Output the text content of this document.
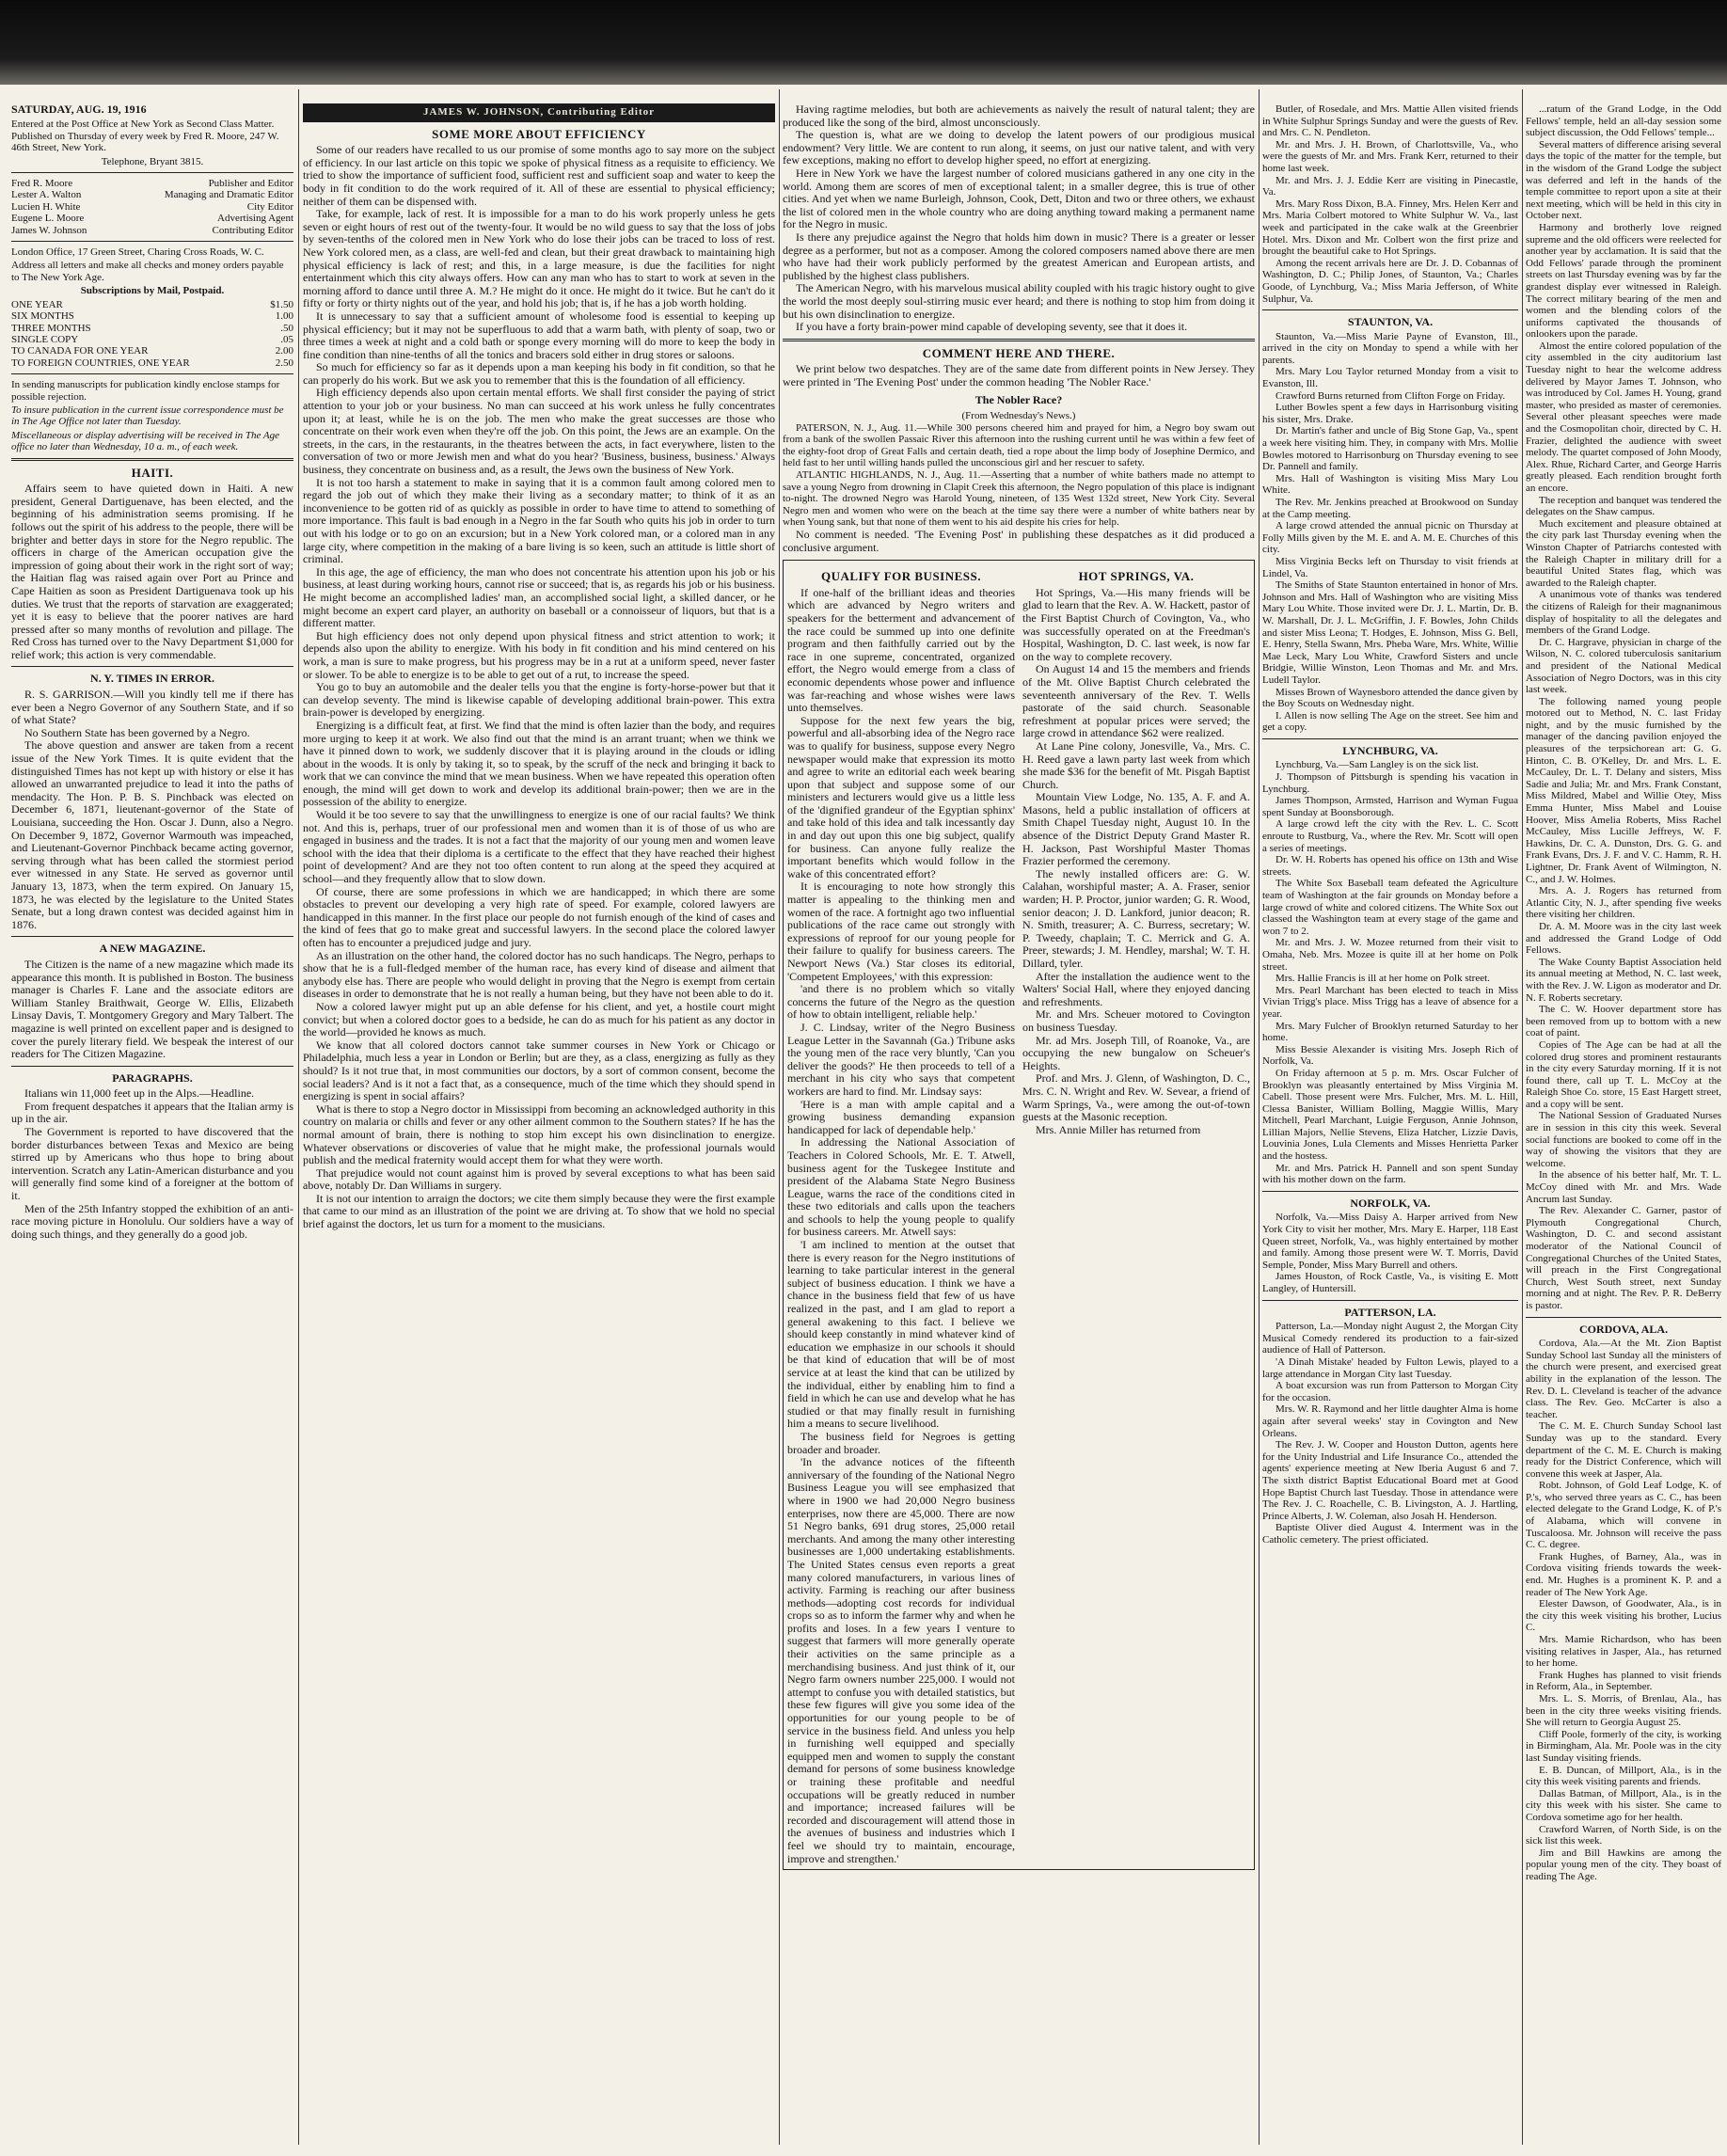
SATURDAY, AUG. 19, 1916

Entered at the Post Office at New York as Second Class Matter. Published on Thursday of every week by Fred R. Moore, 247 W. 46th Street, New York.

Telephone, Bryant 3815.

Fred R. Moore	Publisher and Editor
Lester A. Walton	Managing and Dramatic Editor
Lucien H. White	City Editor
Eugene L. Moore	Advertising Agent
James W. Johnson	Contributing Editor

London Office, 17 Green Street, Charing Cross Roads, W. C.

Address all letters and make all checks and money orders payable to The New York Age.

Subscriptions by Mail, Postpaid.

ONE YEAR	$1.50
SIX MONTHS	1.00
THREE MONTHS	.50
SINGLE COPY	.05
TO CANADA FOR ONE YEAR	2.00
TO FOREIGN COUNTRIES, ONE YEAR	2.50

In sending manuscripts for publication kindly enclose stamps for possible rejection.

To insure publication in the current issue correspondence must be in The Age Office not later than Tuesday.

Miscellaneous or display advertising will be received in The Age office no later than Wednesday, 10 a. m., of each week.

HAITI.

Affairs seem to have quieted down in Haiti. A new president, General Dartiguenave, has been elected, and the beginning of his administration seems promising. If he follows out the spirit of his address to the people, there will be brighter and better days in store for the Negro republic. The officers in charge of the American occupation give the impression of going about their work in the right sort of way; the Haitian flag was raised again over Port au Prince and Cape Haitien as soon as President Dartiguenava took up his duties. We trust that the reports of starvation are exaggerated; yet it is easy to believe that the poorer natives are hard pressed after so many months of revolution and pillage. The Red Cross has turned over to the Navy Department $1,000 for relief work; this action is very commendable.

N. Y. TIMES IN ERROR.

R. S. GARRISON.—Will you kindly tell me if there has ever been a Negro Governor of any Southern State, and if so of what State?

No Southern State has been governed by a Negro.

The above question and answer are taken from a recent issue of the New York Times. It is quite evident that the distinguished Times has not kept up with history or else it has allowed an unwarranted prejudice to lead it into the paths of mendacity. The Hon. P. B. S. Pinchback was elected on December 6, 1871, lieutenant-governor of the State of Louisiana, succeeding the Hon. Oscar J. Dunn, also a Negro. On December 9, 1872, Governor Warmouth was impeached, and Lieutenant-Governor Pinchback became acting governor, serving through what has been called the stormiest period ever witnessed in any State. He served as governor until January 13, 1873, when the term expired. On January 15, 1873, he was elected by the legislature to the United States Senate, but a long drawn contest was decided against him in 1876.

A NEW MAGAZINE.

The Citizen is the name of a new magazine which made its appearance this month. It is published in Boston. The business manager is Charles F. Lane and the associate editors are William Stanley Braithwait, George W. Ellis, Elizabeth Linsay Davis, T. Montgomery Gregory and Mary Talbert. The magazine is well printed on excellent paper and is designed to cover the purely literary field. We bespeak the interest of our readers for The Citizen Magazine.

PARAGRAPHS.

Italians win 11,000 feet up in the Alps.—Headline.

From frequent despatches it appears that the Italian army is up in the air.

The Government is reported to have discovered that the border disturbances between Texas and Mexico are being stirred up by Americans who thus hope to bring about intervention. Scratch any Latin-American disturbance and you will generally find some kind of a foreigner at the bottom of it.

Men of the 25th Infantry stopped the exhibition of an anti-race moving picture in Honolulu. Our soldiers have a way of doing such things, and they generally do a good job.

JAMES W. JOHNSON, Contributing Editor
SOME MORE ABOUT EFFICIENCY

Some of our readers have recalled to us our promise of some months ago to say more on the subject of efficiency. In our last article on this topic we spoke of physical fitness as a requisite to efficiency. We tried to show the importance of sufficient food, sufficient rest and sufficient soap and water to keep the body in fit condition to do the work required of it. All of these are essential to physical efficiency; neither of them can be dispensed with.

Take, for example, lack of rest. It is impossible for a man to do his work properly unless he gets seven or eight hours of rest out of the twenty-four. It would be no wild guess to say that the loss of jobs by seven-tenths of the colored men in New York who do lose their jobs can be traced to loss of rest. New York colored men, as a class, are well-fed and clean, but their great drawback to maintaining high physical efficiency is lack of rest; and this, in a large measure, is due the facilities for night entertainment which this city always offers. How can any man who has to start to work at seven in the morning afford to dance until three A. M.? He might do it once. He might do it twice. But he can't do it fifty or forty or thirty nights out of the year, and hold his job; that is, if he has a job worth holding.

It is unnecessary to say that a sufficient amount of wholesome food is essential to keeping up physical efficiency; but it may not be superfluous to add that a warm bath, with plenty of soap, two or three times a week at night and a cold bath or sponge every morning will do more to keep the body in fine condition than nine-tenths of all the tonics and bracers sold either in drug stores or saloons.

So much for efficiency so far as it depends upon a man keeping his body in fit condition, so that he can properly do his work. But we ask you to remember that this is the foundation of all efficiency.

High efficiency depends also upon certain mental efforts. We shall first consider the paying of strict attention to your job or your business. No man can succeed at his work unless he fully concentrates upon it; at least, while he is on the job. The men who make the great successes are those who concentrate on their work even when they're off the job. On this point, the Jews are an example. On the streets, in the cars, in the restaurants, in the theatres between the acts, in fact everywhere, listen to the conversation of two or more Jewish men and what do you hear? 'Business, business, business.' Always business, they concentrate on business and, as a result, the Jews own the business of New York.

It is not too harsh a statement to make in saying that it is a common fault among colored men to regard the job out of which they make their living as a secondary matter; to think of it as an inconvenience to be gotten rid of as quickly as possible in order to have time to attend to something of more importance. This fault is bad enough in a Negro in the far South who quits his job in order to turn out with his lodge or to go on an excursion; but in a New York colored man, or a colored man in any large city, where competition in the making of a bare living is so keen, such an attitude is little short of criminal.

In this age, the age of efficiency, the man who does not concentrate his attention upon his job or his business, at least during working hours, cannot rise or succeed; that is, as regards his job or his business. He might become an accomplished ladies' man, an accomplished social light, a skilled dancer, or he might become an expert card player, an authority on baseball or a connoisseur of liquors, but that is a different matter.

But high efficiency does not only depend upon physical fitness and strict attention to work; it depends also upon the ability to energize. With his body in fit condition and his mind centered on his work, a man is sure to make progress, but his progress may be in a rut at a uniform speed, never faster or slower. To be able to energize is to be able to get out of a rut, to increase the speed.

You go to buy an automobile and the dealer tells you that the engine is forty-horse-power but that it can develop seventy. The mind is likewise capable of developing additional brain-power. This extra brain-power is developed by energizing.

Energizing is a difficult feat, at first. We find that the mind is often lazier than the body, and requires more urging to keep it at work. We also find out that the mind is an arrant truant; when we think we have it pinned down to work, we suddenly discover that it is playing around in the clouds or idling about in the woods. It is only by taking it, so to speak, by the scruff of the neck and bringing it back to work that we can convince the mind that we mean business. When we have repeated this operation often enough, the mind will get down to work and develop its additional brain-power; then we are in the possession of the ability to energize.

Would it be too severe to say that the unwillingness to energize is one of our racial faults? We think not. And this is, perhaps, truer of our professional men and women than it is of those of us who are engaged in business and the trades. It is not a fact that the majority of our young men and women leave school with the idea that their diploma is a certificate to the effect that they have reached their highest point of development? And are they not too often content to run along at the speed they acquired at school—and they frequently allow that to slow down.

Of course, there are some professions in which we are handicapped; in which there are some obstacles to prevent our developing a very high rate of speed. For example, colored lawyers are handicapped in this manner. In the first place our people do not furnish enough of the kind of cases and the kind of fees that go to make great and successful lawyers. In the second place the colored lawyer often has to encounter a prejudiced judge and jury.

As an illustration on the other hand, the colored doctor has no such handicaps. The Negro, perhaps to show that he is a full-fledged member of the human race, has every kind of disease and ailment that anybody else has. There are people who would delight in proving that the Negro is exempt from certain diseases in order to demonstrate that he is not really a human being, but they have not been able to do it.

Now a colored lawyer might put up an able defense for his client, and yet, a hostile court might convict; but when a colored doctor goes to a bedside, he can do as much for his patient as any doctor in the world—provided he knows as much.

We know that all colored doctors cannot take summer courses in New York or Chicago or Philadelphia, much less a year in London or Berlin; but are they, as a class, energizing as fully as they should? Is it not true that, in most communities our doctors, by a sort of common consent, become the social leaders? And is it not a fact that, as a consequence, much of the time which they should spend in energizing is spent in social affairs?

What is there to stop a Negro doctor in Mississippi from becoming an acknowledged authority in this country on malaria or chills and fever or any other ailment common to the Southern states? If he has the normal amount of brain, there is nothing to stop him except his own disinclination to energize. Whatever observations or discoveries of value that he might make, the professional journals would publish and the medical fraternity would accept them for what they were worth.

That prejudice would not count against him is proved by several exceptions to what has been said above, notably Dr. Dan Williams in surgery.

It is not our intention to arraign the doctors; we cite them simply because they were the first example that came to our mind as an illustration of the point we are driving at. To show that we hold no special brief against the doctors, let us turn for a moment to the musicians.

Having ragtime melodies, but both are achievements as naively the result of natural talent; they are produced like the song of the bird, almost unconsciously.

The question is, what are we doing to develop the latent powers of our prodigious musical endowment? Very little. We are content to run along, it seems, on just our native talent, and with very few exceptions, making no effort to develop higher speed, no effort at energizing.

Here in New York we have the largest number of colored musicians gathered in any one city in the world. Among them are scores of men of exceptional talent; in a smaller degree, this is true of other cities. And yet when we name Burleigh, Johnson, Cook, Dett, Diton and two or three others, we exhaust the list of colored men in the whole country who are doing anything toward making a permanent name for the Negro in music.

Is there any prejudice against the Negro that holds him down in music? There is a greater or lesser degree as a performer, but not as a composer. Among the colored composers named above there are men who have had their work publicly performed by the greatest American and European artists, and published by the highest class publishers.

The American Negro, with his marvelous musical ability coupled with his tragic history ought to give the world the most deeply soul-stirring music ever heard; and there is nothing to stop him from doing it but his own disinclination to energize.

If you have a forty brain-power mind capable of developing seventy, see that it does it.

COMMENT HERE AND THERE.

We print below two despatches. They are of the same date from different points in New Jersey. They were printed in 'The Evening Post' under the common heading 'The Nobler Race.'

The Nobler Race?
(From Wednesday's News.)

PATERSON, N. J., Aug. 11.—While 300 persons cheered him and prayed for him, a Negro boy swam out from a bank of the swollen Passaic River this afternoon into the rushing current until he was within a few feet of the eighty-foot drop of Great Falls and certain death, tied a rope about the limp body of Josephine Dermico, and held fast to her until willing hands pulled the unconscious girl and her rescuer to safety.

ATLANTIC HIGHLANDS, N. J., Aug. 11.—Asserting that a number of white bathers made no attempt to save a young Negro from drowning in Clapit Creek this afternoon, the Negro population of this place is indignant to-night. The drowned Negro was Harold Young, nineteen, of 135 West 132d street, New York City. Several Negro men and women who were on the beach at the time say there were a number of white bathers near by when Young sank, but that none of them went to his aid despite his cries for help.

No comment is needed. 'The Evening Post' in publishing these despatches as it did produced a conclusive argument.

QUALIFY FOR BUSINESS.

If one-half of the brilliant ideas and theories which are advanced by Negro writers and speakers for the betterment and advancement of the race could be summed up into one definite program and then faithfully carried out by the race in one supreme, concentrated, organized effort, the Negro would emerge from a class of economic dependents whose power and influence was far-reaching and whose wishes were laws unto themselves.

Suppose for the next few years the big, powerful and all-absorbing idea of the Negro race was to qualify for business, suppose every Negro newspaper would make that expression its motto and agree to write an editorial each week bearing upon that subject and suppose some of our ministers and lecturers would give us a little less of the 'dignified grandeur of the Egyptian sphinx' and take hold of this idea and talk incessantly day in and day out upon this one big subject, qualify for business. Can anyone fully realize the important benefits which would follow in the wake of this concentrated effort?

It is encouraging to note how strongly this matter is appealing to the thinking men and women of the race. A fortnight ago two influential publications of the race came out strongly with expressions of reproof for our young people for their failure to qualify for business careers. The Newport News (Va.) Star closes its editorial, 'Competent Employees,' with this expression:

'and there is no problem which so vitally concerns the future of the Negro as the question of how to obtain intelligent, reliable help.'

J. C. Lindsay, writer of the Negro Business League Letter in the Savannah (Ga.) Tribune asks the young men of the race very bluntly, 'Can you deliver the goods?' He then proceeds to tell of a merchant in his city who says that competent workers are hard to find. Mr. Lindsay says:

'Here is a man with ample capital and a growing business demanding expansion handicapped for lack of dependable help.'

In addressing the National Association of Teachers in Colored Schools, Mr. E. T. Atwell, business agent for the Tuskegee Institute and president of the Alabama State Negro Business League, warns the race of the conditions cited in these two editorials and calls upon the teachers and schools to help the young people to qualify for business careers. Mr. Atwell says:

'I am inclined to mention at the outset that there is every reason for the Negro institutions of learning to take particular interest in the general subject of business education. I think we have a chance in the business field that few of us have realized in the past, and I am glad to report a general awakening to this fact. I believe we should keep constantly in mind whatever kind of education we emphasize in our schools it should be that kind of education that will be of most service at at least the kind that can be utilized by the individual, either by enabling him to find a field in which he can use and develop what he has studied or that may finally result in furnishing him a means to secure livelihood.

The business field for Negroes is getting broader and broader.

'In the advance notices of the fifteenth anniversary of the founding of the National Negro Business League you will see emphasized that where in 1900 we had 20,000 Negro business enterprises, now there are 45,000. There are now 51 Negro banks, 691 drug stores, 25,000 retail merchants. And among the many other interesting businesses are 1,000 undertaking establishments. The United States census even reports a great many colored manufacturers, in various lines of activity. Farming is reaching our after business methods—adopting cost records for individual crops so as to inform the farmer why and when he profits and loses. In a few years I venture to suggest that farmers will more generally operate their activities on the same principle as a merchandising business. And just think of it, our Negro farm owners number 225,000. I would not attempt to confuse you with detailed statistics, but these few figures will give you some idea of the opportunities for our young people to be of service in the business field. And unless you help in furnishing well equipped and specially equipped men and women to supply the constant demand for persons of some business knowledge or training these profitable and needful occupations will be greatly reduced in number and importance; increased failures will be recorded and discouragement will attend those in the avenues of business and industries which I feel we should try to maintain, encourage, improve and strengthen.'

HOT SPRINGS, VA.

Hot Springs, Va.—His many friends will be glad to learn that the Rev. A. W. Hackett, pastor of the First Baptist Church of Covington, Va., who was successfully operated on at the Freedman's Hospital, Washington, D. C. last week, is now far on the way to complete recovery.

On August 14 and 15 the members and friends of the Mt. Olive Baptist Church celebrated the seventeenth anniversary of the Rev. T. Wells pastorate of the said church. Seasonable refreshment at popular prices were served; the large crowd in attendance $62 were realized.

At Lane Pine colony, Jonesville, Va., Mrs. C. H. Reed gave a lawn party last week from which she made $36 for the benefit of Mt. Pisgah Baptist Church.

Mountain View Lodge, No. 135, A. F. and A. Masons, held a public installation of officers at Smith Chapel Tuesday night, August 10. In the absence of the District Deputy Grand Master R. H. Jackson, Past Worshipful Master Thomas Frazier performed the ceremony.

The newly installed officers are: G. W. Calahan, worshipful master; A. A. Fraser, senior warden; H. P. Proctor, junior warden; G. R. Wood, senior deacon; J. D. Lankford, junior deacon; R. N. Smith, treasurer; A. C. Burress, secretary; W. P. Tweedy, chaplain; T. C. Merrick and G. A. Preer, stewards; J. M. Hendley, marshal; W. T. H. Dillard, tyler.

After the installation the audience went to the Walters' Social Hall, where they enjoyed dancing and refreshments.

Mr. and Mrs. Scheuer motored to Covington on business Tuesday.

Mr. ad Mrs. Joseph Till, of Roanoke, Va., are occupying the new bungalow on Scheuer's Heights.

Prof. and Mrs. J. Glenn, of Washington, D. C., Mrs. C. N. Wright and Rev. W. Sevear, a friend of Warm Springs, Va., were among the out-of-town guests at the Masonic reception.

Mrs. Annie Miller has returned from

Butler, of Rosedale, and Mrs. Mattie Allen visited friends in White Sulphur Springs Sunday and were the guests of Rev. and Mrs. C. N. Pendleton.

Mr. and Mrs. J. H. Brown, of Charlottsville, Va., who were the guests of Mr. and Mrs. Frank Kerr, returned to their home last week.

Mr. and Mrs. J. J. Eddie Kerr are visiting in Pinecastle, Va.

Mrs. Mary Ross Dixon, B.A. Finney, Mrs. Helen Kerr and Mrs. Maria Colbert motored to White Sulphur W. Va., last week and participated in the cake walk at the Greenbrier Hotel. Mrs. Dixon and Mr. Colbert won the first prize and brought the beautiful cake to Hot Springs.

Among the recent arrivals here are Dr. J. D. Cobannas of Washington, D. C.; Philip Jones, of Staunton, Va.; Charles Goode, of Lynchburg, Va.; Miss Maria Jefferson, of White Sulphur, Va.

STAUNTON, VA.

Staunton, Va.—Miss Marie Payne of Evanston, Ill., arrived in the city on Monday to spend a while with her parents.

Mrs. Mary Lou Taylor returned Monday from a visit to Evanston, Ill.

Crawford Burns returned from Clifton Forge on Friday.

Luther Bowles spent a few days in Harrisonburg visiting his sister, Mrs. Drake.

Dr. Martin's father and uncle of Big Stone Gap, Va., spent a week here visiting him. They, in company with Mrs. Mollie Bowles motored to Harrisonburg on Thursday evening to see Dr. Pannell and family.

Mrs. Hall of Washington is visiting Miss Mary Lou White.

The Rev. Mr. Jenkins preached at Brookwood on Sunday at the Camp meeting.

A large crowd attended the annual picnic on Thursday at Folly Mills given by the M. E. and A. M. E. Churches of this city.

Miss Virginia Becks left on Thursday to visit friends at Lindel, Va.

The Smiths of State Staunton entertained in honor of Mrs. Johnson and Mrs. Hall of Washington who are visiting Miss Mary Lou White. Those invited were Dr. J. L. Martin, Dr. B. W. Marshall, Dr. J. L. McGriffin, J. F. Bowles, John Childs and sister Miss Leona; T. Hodges, E. Johnson, Miss G. Bell, E. Henry, Stella Swann, Mrs. Pheba Ware, Mrs. White, Willie Mae Leck, Mary Lou White, Crawford Sisters and uncle Bridgie, Willie Winston, Leon Thomas and Mr. and Mrs. Ludell Taylor.

Misses Brown of Waynesboro attended the dance given by the Boy Scouts on Wednesday night.

I. Allen is now selling The Age on the street. See him and get a copy.

LYNCHBURG, VA.

Lynchburg, Va.—Sam Langley is on the sick list.

J. Thompson of Pittsburgh is spending his vacation in Lynchburg.

James Thompson, Armsted, Harrison and Wyman Fugua spent Sunday at Boonsborough.

A large crowd left the city with the Rev. L. C. Scott enroute to Rustburg, Va., where the Rev. Mr. Scott will open a series of meetings.

Dr. W. H. Roberts has opened his office on 13th and Wise streets.

The White Sox Baseball team defeated the Agriculture team of Washington at the fair grounds on Monday before a large crowd of white and colored citizens. The White Sox out classed the Washington team at every stage of the game and won 7 to 2.

Mr. and Mrs. J. W. Mozee returned from their visit to Omaha, Neb. Mrs. Mozee is quite ill at her home on Polk street.

Mrs. Hallie Francis is ill at her home on Polk street.

Mrs. Pearl Marchant has been elected to teach in Miss Vivian Trigg's place. Miss Trigg has a leave of absence for a year.

Mrs. Mary Fulcher of Brooklyn returned Saturday to her home.

Miss Bessie Alexander is visiting Mrs. Joseph Rich of Norfolk, Va.

On Friday afternoon at 5 p. m. Mrs. Oscar Fulcher of Brooklyn was pleasantly entertained by Miss Virginia M. Cabell. Those present were Mrs. Fulcher, Mrs. M. L. Hill, Clessa Banister, William Bolling, Maggie Willis, Mary Mitchell, Pearl Marchant, Luigie Ferguson, Annie Johnson, Lillian Majors, Nellie Stevens, Eliza Hatcher, Lizzie Davis, Louvinia Jones, Lula Clements and Misses Henrietta Parker and the hostess.

Mr. and Mrs. Patrick H. Pannell and son spent Sunday with his mother down on the farm.

NORFOLK, VA.

Norfolk, Va.—Miss Daisy A. Harper arrived from New York City to visit her mother, Mrs. Mary E. Harper, 118 East Queen street, Norfolk, Va., was highly entertained by mother and family. Among those present were W. T. Morris, David Semple, Ponder, Miss Mary Burrell and others.

James Houston, of Rock Castle, Va., is visiting E. Mott Langley, of Huntersill.

PATTERSON, LA.

Patterson, La.—Monday night August 2, the Morgan City Musical Comedy rendered its production to a fair-sized audience of Hall of Patterson.

'A Dinah Mistake' headed by Fulton Lewis, played to a large attendance in Morgan City last Tuesday.

A boat excursion was run from Patterson to Morgan City for the occasion.

Mrs. W. R. Raymond and her little daughter Alma is home again after several weeks' stay in Covington and New Orleans.

The Rev. J. W. Cooper and Houston Dutton, agents here for the Unity Industrial and Life Insurance Co., attended the agents' experience meeting at New Iberia August 6 and 7. The sixth district Baptist Educational Board met at Good Hope Baptist Church last Tuesday. Those in attendance were The Rev. J. C. Roachelle, C. B. Livingston, A. J. Hartling, Prince Alberts, J. W. Coleman, also Josah H. Henderson.

Baptiste Oliver died August 4. Interment was in the Catholic cemetery. The priest officiated.

...ratum of the Grand Lodge, in the Odd Fellows' temple, held an all-day session some subject discussion, the Odd Fellows' temple...

Several matters of difference arising several days the topic of the matter for the temple, but in the wisdom of the Grand Lodge the subject was deferred and left in the hands of the temple committee to report upon a site at their next meeting, which will be held in this city in October next.

Harmony and brotherly love reigned supreme and the old officers were reelected for another year by acclamation. It is said that the Odd Fellows' parade through the prominent streets on last Thursday evening was by far the grandest display ever witnessed in Raleigh. The correct military bearing of the men and women and the blending colors of the uniforms captivated the thousands of onlookers upon the parade.

Almost the entire colored population of the city assembled in the city auditorium last Tuesday night to hear the welcome address delivered by Mayor James T. Johnson, who was introduced by Col. James H. Young, grand master, who presided as master of ceremonies. Several other pleasant speeches were made and the Cosmopolitan choir, directed by C. H. Frazier, delighted the audience with sweet melody. The quartet composed of John Moody, Alex. Rhue, Richard Carter, and George Harris greatly pleased. Each rendition brought forth an encore.

The reception and banquet was tendered the delegates on the Shaw campus.

Much excitement and pleasure obtained at the city park last Thursday evening when the Winston Chapter of Patriarchs contested with the Raleigh Chapter in military drill for a beautiful United States flag, which was awarded to the Raleigh chapter.

A unanimous vote of thanks was tendered the citizens of Raleigh for their magnanimous display of hospitality to all the delegates and members of the Grand Lodge.

Dr. C. Hargrave, physician in charge of the Wilson, N. C. colored tuberculosis sanitarium and president of the National Medical Association of Negro Doctors, was in this city last week.

The following named young people motored out to Method, N. C. last Friday night, and by the music furnished by the manager of the dancing pavilion enjoyed the pleasures of the terpsichorean art: G. G. Hinton, C. B. O'Kelley, Dr. and Mrs. L. E. McCauley, Dr. L. T. Delany and sisters, Miss Sadie and Julia; Mr. and Mrs. Frank Constant, Miss Mildred, Mabel and Willie Otey, Miss Emma Hunter, Miss Mabel and Louise Hoover, Miss Amelia Roberts, Miss Rachel McCauley, Miss Lucille Jeffreys, W. F. Hawkins, Dr. C. A. Dunston, Drs. G. G. and Frank Evans, Drs. J. F. and V. C. Hamm, R. H. Lightner, Dr. Frank Avent of Wilmington, N. C., and J. W. Holmes.

Mrs. A. J. Rogers has returned from Atlantic City, N. J., after spending five weeks there visiting her children.

Dr. A. M. Moore was in the city last week and addressed the Grand Lodge of Odd Fellows.

The Wake County Baptist Association held its annual meeting at Method, N. C. last week, with the Rev. J. W. Ligon as moderator and Dr. N. F. Roberts secretary.

The C. W. Hoover department store has been removed from up to bottom with a new coat of paint.

Copies of The Age can be had at all the colored drug stores and prominent restaurants in the city every Saturday morning. If it is not found there, call up T. L. McCoy at the Raleigh Shoe Co. store, 15 East Hargett street, and a copy will be sent.

The National Session of Graduated Nurses are in session in this city this week. Several social functions are booked to come off in the way of showing the visitors that they are welcome.

In the absence of his better half, Mr. T. L. McCoy dined with Mr. and Mrs. Wade Ancrum last Sunday.

The Rev. Alexander C. Garner, pastor of Plymouth Congregational Church, Washington, D. C. and second assistant moderator of the National Council of Congregational Churches of the United States, will preach in the First Congregational Church, West South street, next Sunday morning and at night. The Rev. P. R. DeBerry is pastor.

CORDOVA, ALA.

Cordova, Ala.—At the Mt. Zion Baptist Sunday School last Sunday all the ministers of the church were present, and exercised great ability in the explanation of the lesson. The Rev. D. L. Cleveland is teacher of the advance class. The Rev. Geo. McCarter is also a teacher.

The C. M. E. Church Sunday School last Sunday was up to the standard. Every department of the C. M. E. Church is making ready for the District Conference, which will convene this week at Jasper, Ala.

Robt. Johnson, of Gold Leaf Lodge, K. of P.'s, who served three years as C. C., has been elected delegate to the Grand Lodge, K. of P.'s of Alabama, which will convene in Tuscaloosa. Mr. Johnson will receive the pass C. C. degree.

Frank Hughes, of Barney, Ala., was in Cordova visiting friends towards the week-end. Mr. Hughes is a prominent K. P. and a reader of The New York Age.

Elester Dawson, of Goodwater, Ala., is in the city this week visiting his brother, Lucius C.

Mrs. Mamie Richardson, who has been visiting relatives in Jasper, Ala., has returned to her home.

Frank Hughes has planned to visit friends in Reform, Ala., in September.

Mrs. L. S. Morris, of Brenlau, Ala., has been in the city three weeks visiting friends. She will return to Georgia August 25.

Cliff Poole, formerly of the city, is working in Birmingham, Ala. Mr. Poole was in the city last Sunday visiting friends.

E. B. Duncan, of Millport, Ala., is in the city this week visiting parents and friends.

Dallas Batman, of Millport, Ala., is in the city this week with his sister. She came to Cordova sometime ago for her health.

Crawford Warren, of North Side, is on the sick list this week.

Jim and Bill Hawkins are among the popular young men of the city. They boast of reading The Age.
